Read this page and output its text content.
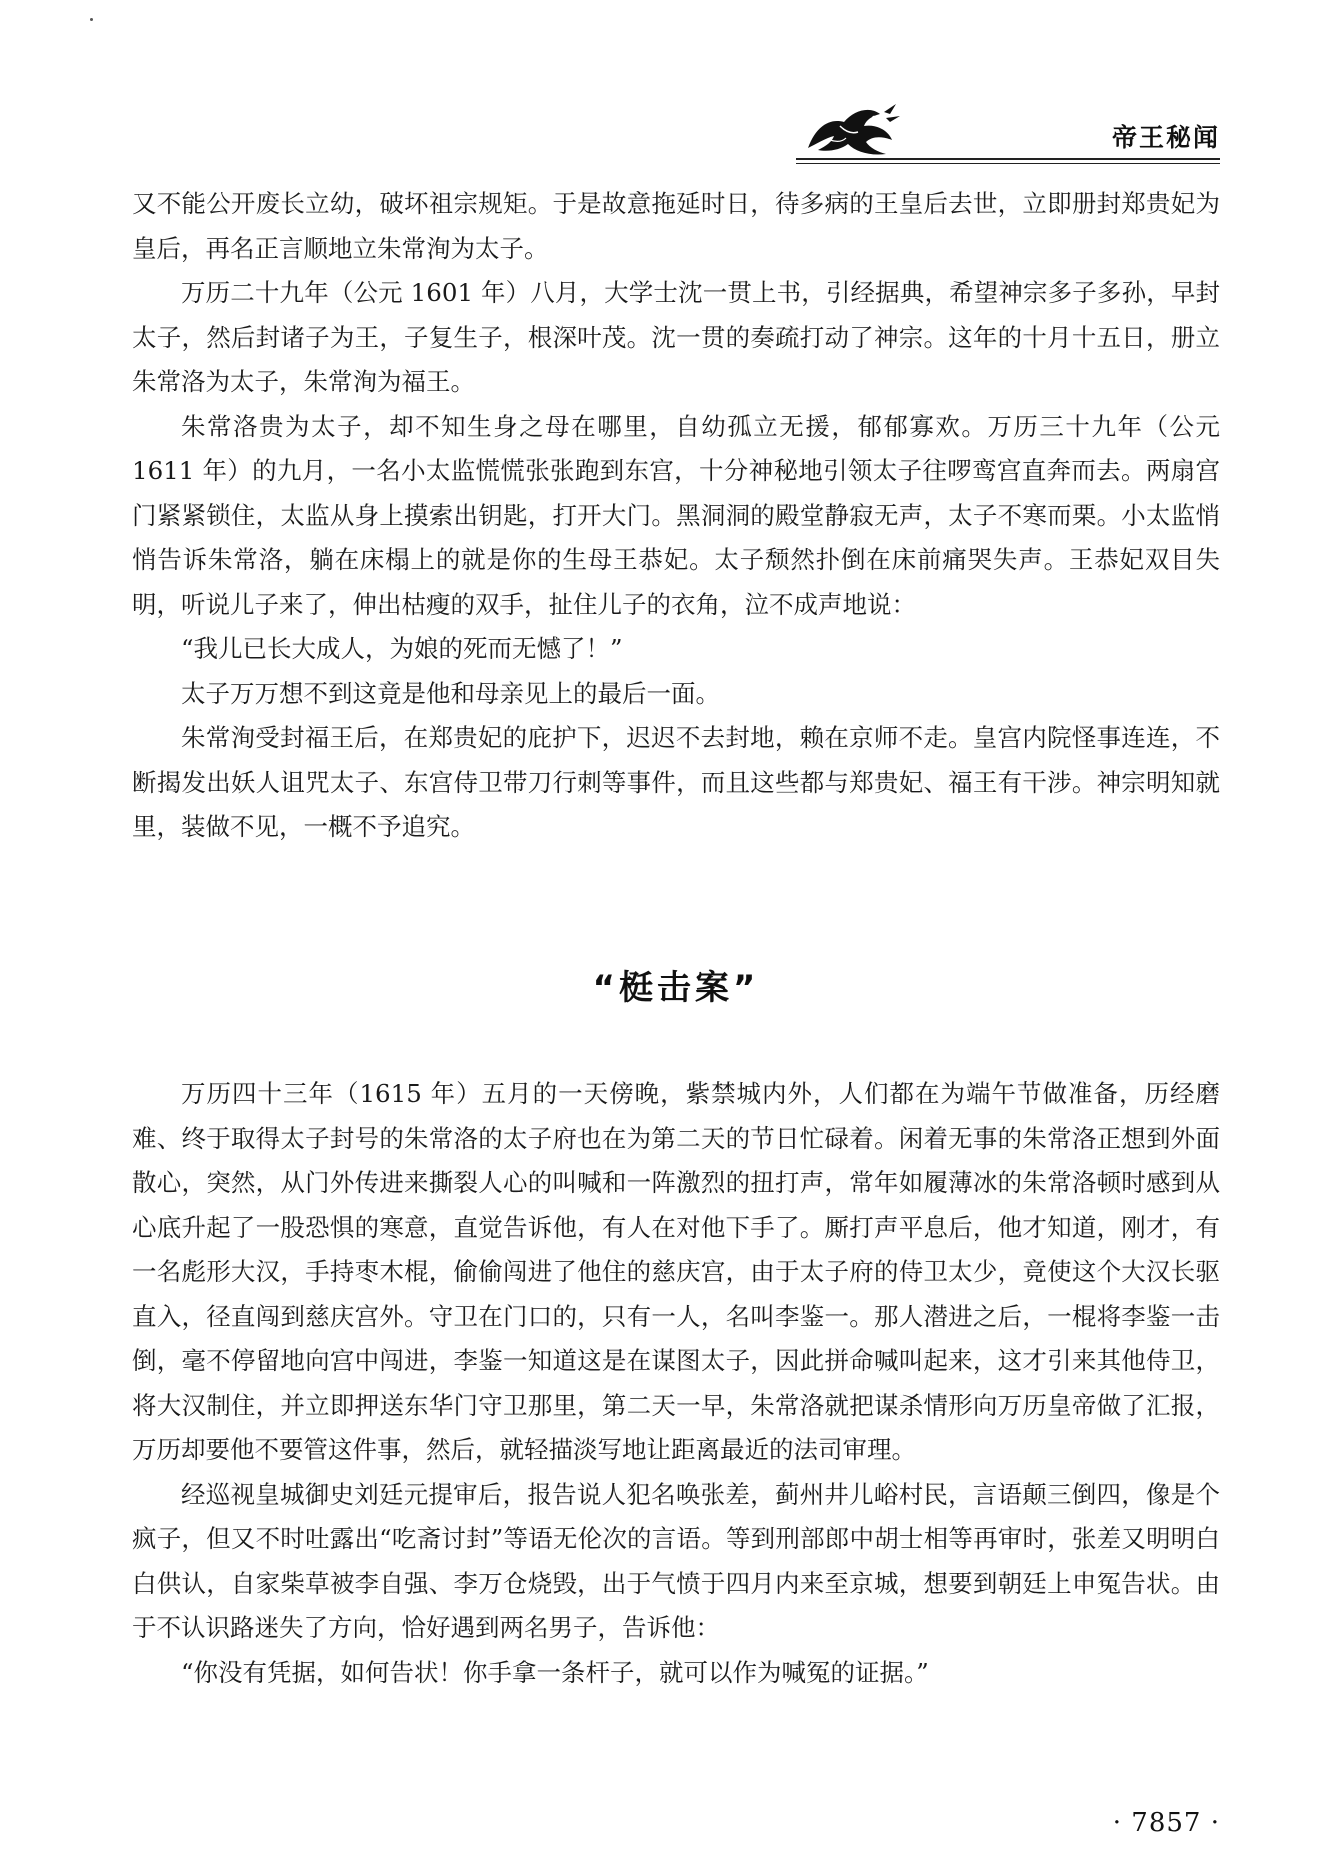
帝王秘闻

又不能公开废长立幼，破坏祖宗规矩。于是故意拖延时日，待多病的王皇后去世，立即册封郑贵妃为皇后，再名正言顺地立朱常洵为太子。

万历二十九年（公元 1601 年）八月，大学士沈一贯上书，引经据典，希望神宗多子多孙，早封太子，然后封诸子为王，子复生子，根深叶茂。沈一贯的奏疏打动了神宗。这年的十月十五日，册立朱常洛为太子，朱常洵为福王。

朱常洛贵为太子，却不知生身之母在哪里，自幼孤立无援，郁郁寡欢。万历三十九年（公元 1611 年）的九月，一名小太监慌慌张张跑到东宫，十分神秘地引领太子往啰鸾宫直奔而去。两扇宫门紧紧锁住，太监从身上摸索出钥匙，打开大门。黑洞洞的殿堂静寂无声，太子不寒而栗。小太监悄悄告诉朱常洛，躺在床榻上的就是你的生母王恭妃。太子颓然扑倒在床前痛哭失声。王恭妃双目失明，听说儿子来了，伸出枯瘦的双手，扯住儿子的衣角，泣不成声地说：

“我儿已长大成人，为娘的死而无憾了！”

太子万万想不到这竟是他和母亲见上的最后一面。

朱常洵受封福王后，在郑贵妃的庇护下，迟迟不去封地，赖在京师不走。皇宫内院怪事连连，不断揭发出妖人诅咒太子、东宫侍卫带刀行刺等事件，而且这些都与郑贵妃、福王有干涉。神宗明知就里，装做不见，一概不予追究。

“梃击案”

万历四十三年（1615 年）五月的一天傍晚，紫禁城内外，人们都在为端午节做准备，历经磨难、终于取得太子封号的朱常洛的太子府也在为第二天的节日忙碌着。闲着无事的朱常洛正想到外面散心，突然，从门外传进来撕裂人心的叫喊和一阵激烈的扭打声，常年如履薄冰的朱常洛顿时感到从心底升起了一股恐惧的寒意，直觉告诉他，有人在对他下手了。厮打声平息后，他才知道，刚才，有一名彪形大汉，手持枣木棍，偷偷闯进了他住的慈庆宫，由于太子府的侍卫太少，竟使这个大汉长驱直入，径直闯到慈庆宫外。守卫在门口的，只有一人，名叫李鉴一。那人潜进之后，一棍将李鉴一击倒，毫不停留地向宫中闯进，李鉴一知道这是在谋图太子，因此拼命喊叫起来，这才引来其他侍卫，将大汉制住，并立即押送东华门守卫那里，第二天一早，朱常洛就把谋杀情形向万历皇帝做了汇报，万历却要他不要管这件事，然后，就轻描淡写地让距离最近的法司审理。

经巡视皇城御史刘廷元提审后，报告说人犯名唤张差，蓟州井儿峪村民，言语颠三倒四，像是个疯子，但又不时吐露出“吃斋讨封”等语无伦次的言语。等到刑部郎中胡士相等再审时，张差又明明白白供认，自家柴草被李自强、李万仓烧毁，出于气愤于四月内来至京城，想要到朝廷上申冤告状。由于不认识路迷失了方向，恰好遇到两名男子，告诉他：

“你没有凭据，如何告状！你手拿一条杆子，就可以作为喊冤的证据。”

· 7857 ·
